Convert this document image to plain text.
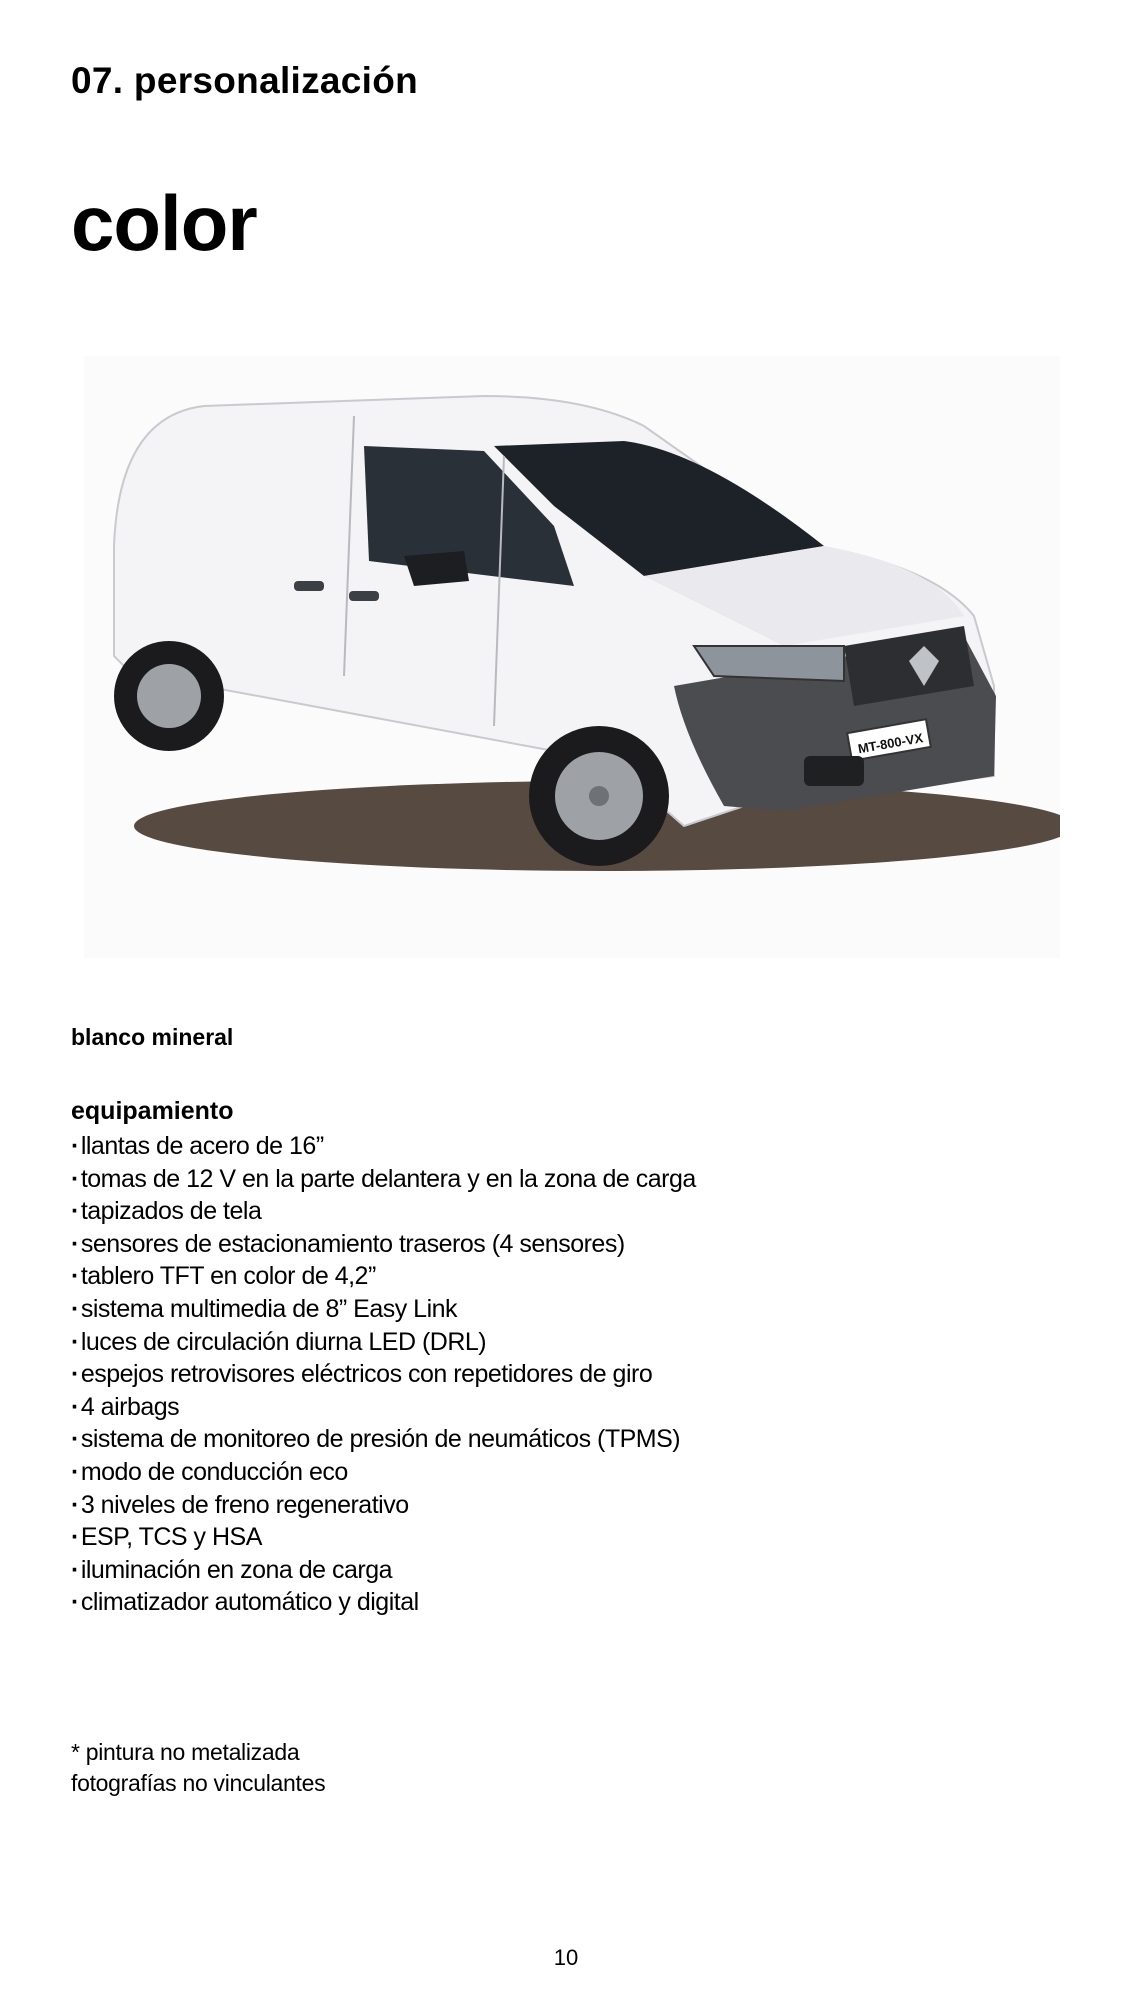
07. personalización
color
MT-800-VX
blanco mineral
equipamiento
· llantas de acero de 16”
· tomas de 12 V en la parte delantera y en la zona de carga
· tapizados de tela
· sensores de estacionamiento traseros (4 sensores)
· tablero TFT en color de 4,2”
· sistema multimedia de 8” Easy Link
· luces de circulación diurna LED (DRL)
· espejos retrovisores eléctricos con repetidores de giro
· 4 airbags
· sistema de monitoreo de presión de neumáticos (TPMS)
· modo de conducción eco
· 3 niveles de freno regenerativo
· ESP, TCS y HSA
· iluminación en zona de carga
· climatizador automático y digital
* pintura no metalizada
fotografías no vinculantes
10
